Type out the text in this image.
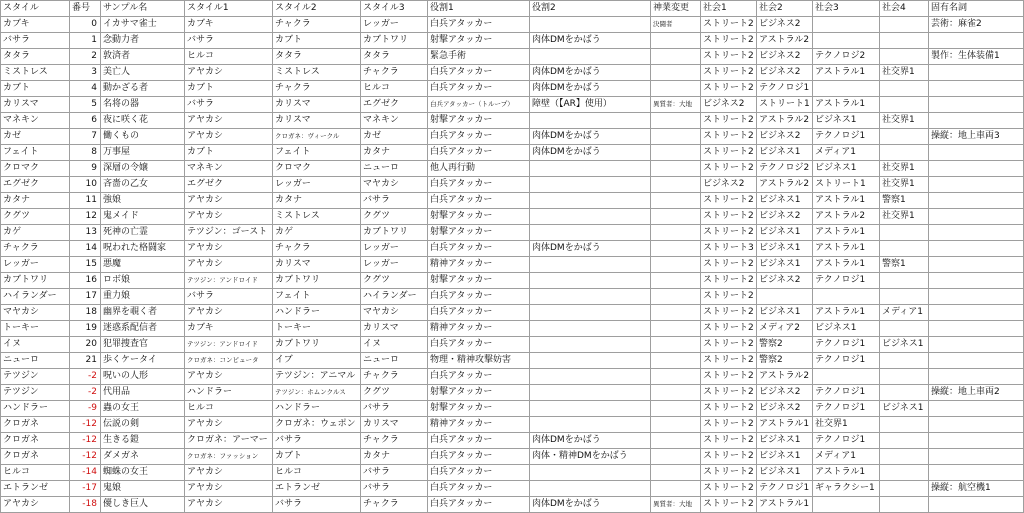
スタイル	番号	サンプル名	スタイル1	スタイル2	スタイル3	役割1	役割2	神業変更	社会1	社会2	社会3	社会4	固有名詞
カブキ	0	イカサマ雀士	カブキ	チャクラ	レッガー	白兵アタッカー		決闘者	ストリート2	ビジネス2			芸術：麻雀2
バサラ	1	念動力者	バサラ	カブト	カブトワリ	射撃アタッカー	肉体DMをかばう		ストリート2	アストラル2			
タタラ	2	敦済者	ヒルコ	タタラ	タタラ	緊急手術			ストリート2	ビジネス2	テクノロジ2		製作：生体装備1
ミストレス	3	美亡人	アヤカシ	ミストレス	チャクラ	白兵アタッカー	肉体DMをかばう		ストリート2	ビジネス2	アストラル1	社交界1	
カブト	4	動かざる者	カブト	チャクラ	ヒルコ	白兵アタッカー	肉体DMをかばう		ストリート2	テクノロジ1			
カリスマ	5	名将の器	バサラ	カリスマ	エグゼク	白兵アタッカー（トループ）	障壁（【AR】使用）	異質者：大地	ビジネス2	ストリート1	アストラル1		
マネキン	6	夜に咲く花	アヤカシ	カリスマ	マネキン	射撃アタッカー			ストリート2	アストラル2	ビジネス1	社交界1	
カゼ	7	働くもの	アヤカシ	クロガネ：ヴィークル	カゼ	白兵アタッカー	肉体DMをかばう		ストリート2	ビジネス2	テクノロジ1		操縦：地上車両3
フェイト	8	万事屋	カブト	フェイト	カタナ	白兵アタッカー	肉体DMをかばう		ストリート2	ビジネス1	メディア1		
クロマク	9	深層の令嬢	マネキン	クロマク	ニューロ	他人再行動			ストリート2	テクノロジ2	ビジネス1	社交界1	
エグゼク	10	吝嗇の乙女	エグゼク	レッガー	マヤカシ	白兵アタッカー			ビジネス2	アストラル2	ストリート1	社交界1	
カタナ	11	強娘	アヤカシ	カタナ	バサラ	白兵アタッカー			ストリート2	ビジネス1	アストラル1	警察1	
クグツ	12	鬼メイド	アヤカシ	ミストレス	クグツ	射撃アタッカー			ストリート2	ビジネス2	アストラル2	社交界1	
カゲ	13	死神の亡霊	テツジン：ゴースト	カゲ	カブトワリ	射撃アタッカー			ストリート2	ビジネス1	アストラル1		
チャクラ	14	呪われた格闘家	アヤカシ	チャクラ	レッガー	白兵アタッカー	肉体DMをかばう		ストリート3	ビジネス1	アストラル1		
レッガー	15	悪魔	アヤカシ	カリスマ	レッガー	精神アタッカー			ストリート2	ビジネス1	アストラル1	警察1	
カブトワリ	16	ロボ娘	テツジン：アンドロイド	カブトワリ	クグツ	射撃アタッカー			ストリート2	ビジネス2	テクノロジ1		
ハイランダー	17	重力娘	バサラ	フェイト	ハイランダー	白兵アタッカー			ストリート2				
マヤカシ	18	幽界を覗く者	アヤカシ	ハンドラー	マヤカシ	白兵アタッカー			ストリート2	ビジネス1	アストラル1	メディア1	
トーキー	19	迷惑系配信者	カブキ	トーキー	カリスマ	精神アタッカー			ストリート2	メディア2	ビジネス1		
イヌ	20	犯罪捜査官	テツジン：アンドロイド	カブトワリ	イヌ	白兵アタッカー			ストリート2	警察2	テクノロジ1	ビジネス1	
ニューロ	21	歩くケータイ	クロガネ：コンピュータ	イブ	ニューロ	物理・精神攻撃妨害			ストリート2	警察2	テクノロジ1		
テツジン	-2	呪いの人形	アヤカシ	テツジン：アニマル	チャクラ	白兵アタッカー			ストリート2	アストラル2			
テツジン	-2	代用品	ハンドラー	テツジン：ホムンクルス	クグツ	射撃アタッカー			ストリート2	ビジネス2	テクノロジ1		操縦：地上車両2
ハンドラー	-9	蟲の女王	ヒルコ	ハンドラー	バサラ	射撃アタッカー			ストリート2	ビジネス2	テクノロジ1	ビジネス1	
クロガネ	-12	伝説の剣	アヤカシ	クロガネ：ウェポン	カリスマ	精神アタッカー			ストリート2	アストラル1	社交界1		
クロガネ	-12	生きる鎧	クロガネ：アーマー	バサラ	チャクラ	白兵アタッカー	肉体DMをかばう		ストリート2	ビジネス1	テクノロジ1		
クロガネ	-12	ダメガネ	クロガネ：ファッション	カブト	カタナ	白兵アタッカー	肉体・精神DMをかばう		ストリート2	ビジネス1	メディア1		
ヒルコ	-14	蜘蛛の女王	アヤカシ	ヒルコ	バサラ	白兵アタッカー			ストリート2	ビジネス1	アストラル1		
エトランゼ	-17	鬼娘	アヤカシ	エトランゼ	バサラ	白兵アタッカー			ストリート2	テクノロジ1	ギャラクシー1		操縦：航空機1
アヤカシ	-18	優しき巨人	アヤカシ	バサラ	チャクラ	白兵アタッカー	肉体DMをかばう	異質者：大地	ストリート2	アストラル1			
